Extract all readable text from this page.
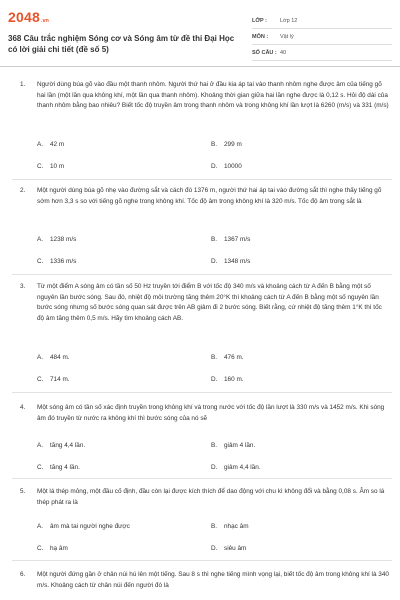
2048 .vn
368 Câu trắc nghiệm Sóng cơ và Sóng âm từ đề thi Đại Học có lời giải chi tiết (đề số 5)
LỚP :	Lớp 12
MÔN :	Vật lý
SỐ CÂU : 40
1. Người dùng búa gõ vào đầu một thanh nhôm. Người thứ hai ở đầu kia áp tai vào thanh nhôm nghe được âm của tiếng gõ hai lần (một lần qua không khí, một lần qua thanh nhôm). Khoảng thời gian giữa hai lần nghe được là 0,12 s. Hỏi độ dài của thanh nhôm bằng bao nhiêu? Biết tốc độ truyền âm trong thanh nhôm và trong không khí lần lượt là 6260 (m/s) và 331 (m/s)
A. 42 m	B. 299 m
C. 10 m	D. 10000
2. Một người dùng búa gõ nhẹ vào đường sắt và cách đó 1376 m, người thứ hai áp tai vào đường sắt thì nghe thấy tiếng gõ sớm hơn 3,3 s so với tiếng gõ nghe trong không khí. Tốc độ âm trong không khí là 320 m/s. Tốc độ âm trong sắt là
A. 1238 m/s	B. 1367 m/s
C. 1336 m/s	D. 1348 m/s
3. Từ một điểm A sóng âm có tần số 50 Hz truyền tới điểm B với tốc độ 340 m/s và khoảng cách từ A đến B bằng một số nguyên lần bước sóng. Sau đó, nhiệt độ môi trường tăng thêm 20°K thì khoảng cách từ A đến B bằng một số nguyên lần bước sóng nhưng số bước sóng quan sát được trên AB giảm đi 2 bước sóng. Biết rằng, cứ nhiệt độ tăng thêm 1°K thì tốc độ âm tăng thêm 0,5 m/s. Hãy tìm khoảng cách AB.
A. 484 m.	B. 476 m.
C. 714 m.	D. 160 m.
4. Một sóng âm có tần số xác định truyền trong không khí và trong nước với tốc độ lần lượt là 330 m/s và 1452 m/s. Khi sóng âm đó truyền từ nước ra không khí thì bước sóng của nó sẽ
A. tăng 4,4 lần.	B. giảm 4 lần.
C. tăng 4 lần.	D. giảm 4,4 lần.
5. Một lá thép mỏng, một đầu cố định, đầu còn lại được kích thích để dao động với chu kì không đổi và bằng 0,08 s. Âm so lá thép phát ra là
A. âm mà tai người nghe được	B. nhạc âm
C. hạ âm	D. siêu âm
6. Một người đứng gần ở chân núi hú lên một tiếng. Sau 8 s thì nghe tiếng mình vọng lại, biết tốc độ âm trong không khí là 340 m/s. Khoảng cách từ chân núi đến người đó là
